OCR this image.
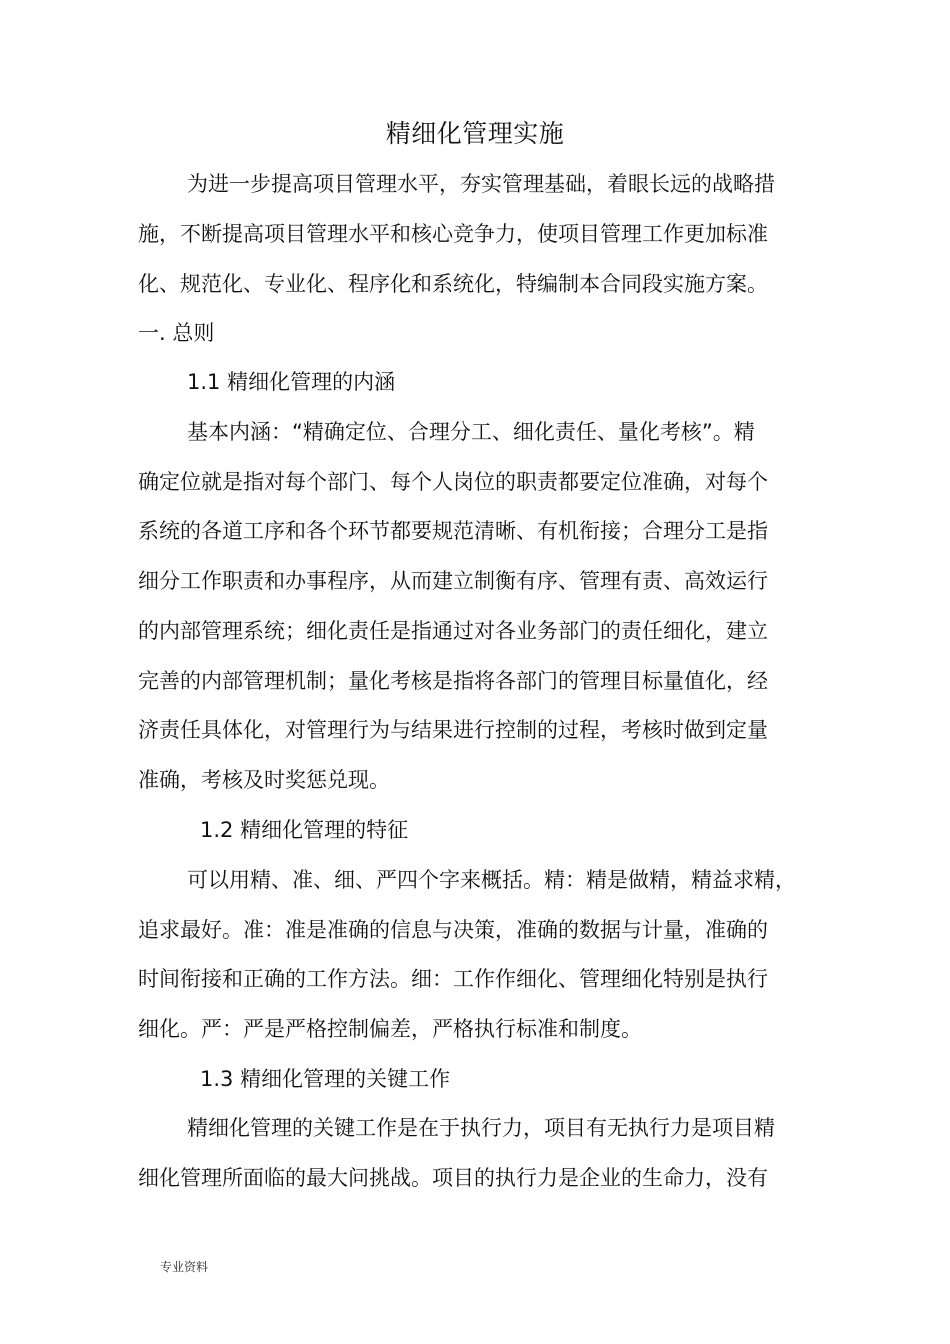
精细化管理实施
为进一步提高项目管理水平，夯实管理基础，着眼长远的战略措
施，不断提高项目管理水平和核心竞争力，使项目管理工作更加标准
化、规范化、专业化、程序化和系统化，特编制本合同段实施方案。
一. 总则
1.1 精细化管理的内涵
基本内涵：“精确定位、合理分工、细化责任、量化考核”。精
确定位就是指对每个部门、每个人岗位的职责都要定位准确，对每个
系统的各道工序和各个环节都要规范清晰、有机衔接；合理分工是指
细分工作职责和办事程序，从而建立制衡有序、管理有责、高效运行
的内部管理系统；细化责任是指通过对各业务部门的责任细化，建立
完善的内部管理机制；量化考核是指将各部门的管理目标量值化，经
济责任具体化，对管理行为与结果进行控制的过程，考核时做到定量
准确，考核及时奖惩兑现。
1.2 精细化管理的特征
可以用精、准、细、严四个字来概括。精：精是做精，精益求精，
追求最好。准：准是准确的信息与决策，准确的数据与计量，准确的
时间衔接和正确的工作方法。细：工作作细化、管理细化特别是执行
细化。严：严是严格控制偏差，严格执行标准和制度。
1.3 精细化管理的关键工作
精细化管理的关键工作是在于执行力，项目有无执行力是项目精
细化管理所面临的最大问挑战。项目的执行力是企业的生命力，没有
专业资料
